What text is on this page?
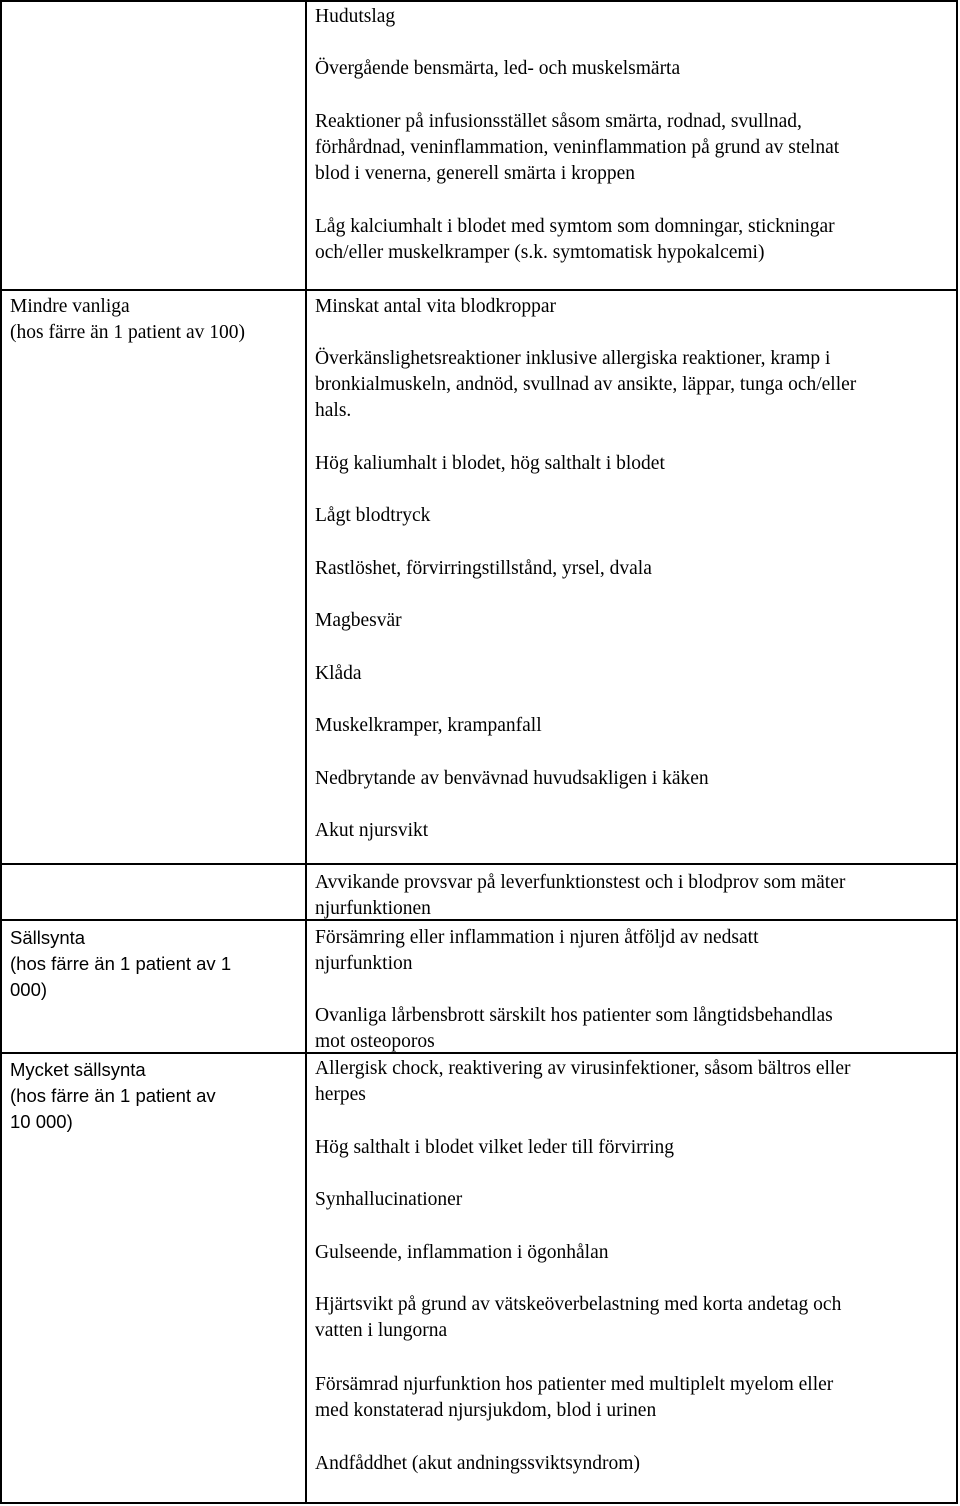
Mindre vanliga

(hos färre än 1 patient av 100)

Sällsynta

(hos färre än 1 patient av 1

000)

Mycket sällsynta

(hos färre än 1 patient av

10 000)

Hudutslag

Övergående bensmärta, led- och muskelsmärta

Reaktioner på infusionsstället såsom smärta, rodnad, svullnad,

förhårdnad, veninflammation, veninflammation på grund av stelnat

blod i venerna, generell smärta i kroppen

Låg kalciumhalt i blodet med symtom som domningar, stickningar

och/eller muskelkramper (s.k. symtomatisk hypokalcemi)

Minskat antal vita blodkroppar

Överkänslighetsreaktioner inklusive allergiska reaktioner, kramp i

bronkialmuskeln, andnöd, svullnad av ansikte, läppar, tunga och/eller

hals.

Hög kaliumhalt i blodet, hög salthalt i blodet

Lågt blodtryck

Rastlöshet, förvirringstillstånd, yrsel, dvala

Magbesvär

Klåda

Muskelkramper, krampanfall

Nedbrytande av benvävnad huvudsakligen i käken

Akut njursvikt

Avvikande provsvar på leverfunktionstest och i blodprov som mäter

njurfunktionen

Försämring eller inflammation i njuren åtföljd av nedsatt

njurfunktion

Ovanliga lårbensbrott särskilt hos patienter som långtidsbehandlas

mot osteoporos

Allergisk chock, reaktivering av virusinfektioner, såsom bältros eller

herpes

Hög salthalt i blodet vilket leder till förvirring

Synhallucinationer

Gulseende, inflammation i ögonhålan

Hjärtsvikt på grund av vätskeöverbelastning med korta andetag och

vatten i lungorna

Försämrad njurfunktion hos patienter med multiplelt myelom eller

med konstaterad njursjukdom, blod i urinen

Andfåddhet (akut andningssviktsyndrom)
